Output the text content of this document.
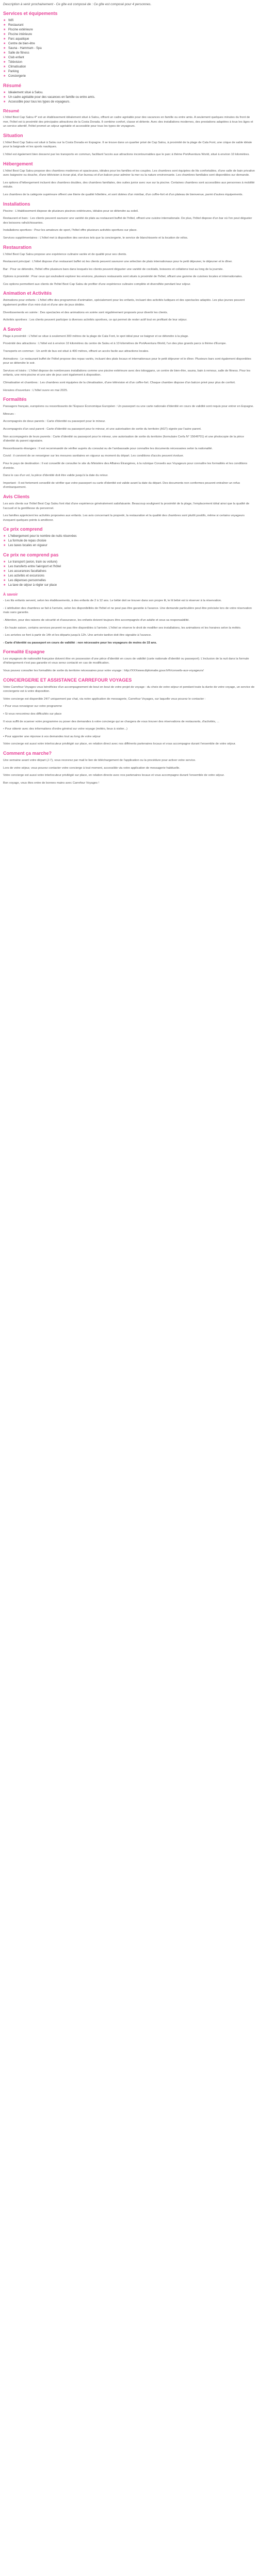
Description à venir prochainement - Ce gîte est composé de : Ce gîte est composé pour 4 personnes.

Services et équipements
★ Wifi
★ Restaurant
★ Piscine extérieure
★ Piscine intérieure
★ Parc aquatique
★ Centre de bien-être
★ Sauna - Hammam - Spa
★ Salle de fitness
★ Club enfant
★ Télévision
★ Climatisation
★ Parking
★ Conciergerie
Résumé
★ Idéalement situé à Salou.
★ Un cadre agréable pour des vacances en famille ou entre amis.
★ Accessible pour tous les types de voyageurs.
Résumé

L'hôtel Best Cap Salou 4* est un établissement idéalement situé à Salou, offrant un cadre agréable pour des vacances en famille ou entre amis. A seulement quelques minutes du front de mer, l'hôtel est à proximité des principales attractions de la Costa Dorada. Il combine confort, classe et détente. Avec des installations modernes, des prestations adaptées à tous les âges et un service attentif, l'hôtel promet un séjour agréable et accessible pour tous les types de voyageurs.

Situation

L'hôtel Best Cap Salou est situé à Salou sur la Costa Dorada en Espagne. Il se trouve dans un quartier prisé de Cap Salou, à proximité de la plage de Cala Font, une crique de sable idéale pour la baignade et les sports nautiques.

L'hôtel est également bien desservi par les transports en commun, facilitant l'accès aux attractions incontournables que le parc à thème PortAventura World, situé à environ 10 kilomètres.

Hébergement

L'hôtel Best Cap Salou propose des chambres modernes et spacieuses, idéales pour les familles et les couples. Les chambres sont équipées de lits confortables, d'une salle de bain privative avec baignoire ou douche, d'une télévision à écran plat, d'un bureau et d'un balcon pour admirer la mer ou la nature environnante. Les chambres familiales sont disponibles sur demande.

Les options d'hébergement incluent des chambres doubles, des chambres familiales, des suites junior avec vue sur la piscine. Certaines chambres sont accessibles aux personnes à mobilité réduite.

Les chambres de la catégorie supérieure offrent une literie de qualité hôtelière, et sont dotées d'un minibar, d'un coffre-fort et d'un plateau de bienvenue, parmi d'autres équipements.

Installations

Piscine : L'établissement dispose de plusieurs piscines extérieures, idéales pour se détendre au soleil.

Restaurant et bars : Les clients peuvent savourer une variété de plats au restaurant buffet de l'hôtel, offrant une cuisine internationale. De plus, l'hôtel dispose d'un bar où l'on peut déguster des boissons rafraîchissantes.

Installations sportives : Pour les amateurs de sport, l'hôtel offre plusieurs activités sportives sur place.

Services supplémentaires : L'hôtel met à disposition des services tels que la conciergerie, le service de blanchisserie et la location de vélos.

Restauration

L'hôtel Best Cap Salou propose une expérience culinaire variée et de qualité pour ses clients.

Restaurant principal : L'hôtel dispose d'un restaurant buffet où les clients peuvent savourer une sélection de plats internationaux pour le petit déjeuner, le déjeuner et le dîner.

Bar : Pour se détendre, l'hôtel offre plusieurs bars dans lesquels les clients peuvent déguster une variété de cocktails, boissons et collations tout au long de la journée.

Options à proximité : Pour ceux qui souhaitent explorer les environs, plusieurs restaurants sont situés à proximité de l'hôtel, offrant une gamme de cuisines locales et internationales.

Ces options permettent aux clients de l'hôtel Best Cap Salou de profiter d'une expérience culinaire complète et diversifiée pendant leur séjour.

Animation et Activités

Animations pour enfants : L'hôtel offre des programmes d'animation, spécialement pour les enfants, incluant des activités ludiques et des spectacles adaptés. Les plus jeunes peuvent également profiter d'un mini-club et d'une aire de jeux dédiée.

Divertissements en soirée : Des spectacles et des animations en soirée sont régulièrement proposés pour divertir les clients.

Activités sportives : Les clients peuvent participer à diverses activités sportives, ce qui permet de rester actif tout en profitant de leur séjour.

A Savoir

Plage à proximité : L'hôtel se situe à seulement 300 mètres de la plage de Cala Font, le spot idéal pour se baigner et se détendre à la plage.

Proximité des attractions : L'hôtel est à environ 10 kilomètres du centre de Salou et à 10 kilomètres de PortAventura World, l'un des plus grands parcs à thème d'Europe.

Transports en commun : Un arrêt de bus est situé à 400 mètres, offrant un accès facile aux attractions locales.

Animations : Le restaurant buffet de l'hôtel propose des repas variés, incluant des plats locaux et internationaux pour le petit déjeuner et le dîner. Plusieurs bars sont également disponibles pour se détendre le soir.

Services et loisirs : L'hôtel dispose de nombreuses installations comme une piscine extérieure avec des toboggans, un centre de bien-être, sauna, bain à remous, salle de fitness. Pour les enfants, une mini-piscine et une aire de jeux sont également à disposition.

Climatisation et chambres : Les chambres sont équipées de la climatisation, d'une télévision et d'un coffre-fort. Chaque chambre dispose d'un balcon privé pour plus de confort.

Horaires d'ouverture : L'hôtel ouvre en mai 2025.

Formalités

Passagers français, européens ou ressortissants de l'Espace Économique Européen : Un passeport ou une carte nationale d'identité en cours de validité sont requis pour entrer en Espagne.

Mineurs :

Accompagnés de deux parents : Carte d'identité ou passeport pour le mineur.

Accompagnés d'un seul parent : Carte d'identité ou passeport pour le mineur, et une autorisation de sortie du territoire (AST) signée par l'autre parent.

Non accompagnés de leurs parents : Carte d'identité ou passeport pour le mineur, une autorisation de sortie du territoire (formulaire Cerfa N° 15646*01) et une photocopie de la pièce d'identité du parent signataire.

Ressortissants étrangers : Il est recommandé de vérifier auprès du consulat ou de l'ambassade pour connaître les documents nécessaires selon la nationalité.

Covid : il convient de se renseigner sur les mesures sanitaires en vigueur au moment du départ. Les conditions d'accès peuvent évoluer.

Pour le pays de destination : Il est conseillé de consulter le site du Ministère des Affaires Étrangères, à la rubrique Conseils aux Voyageurs pour connaître les formalités et les conditions d'entrée.

Dans le cas d'un vol, la pièce d'identité doit être valide jusqu'à la date du retour.

Important : Il est fortement conseillé de vérifier que votre passeport ou carte d'identité est valide avant la date du départ. Des documents non conformes peuvent entraîner un refus d'embarquement.

Avis Clients

Les avis clients sur l'hôtel Best Cap Salou font état d'une expérience généralement satisfaisante. Beaucoup soulignent la proximité de la plage, l'emplacement idéal ainsi que la qualité de l'accueil et la gentillesse du personnel.

Les familles apprécient les activités proposées aux enfants. Les avis concernant la propreté, la restauration et la qualité des chambres sont plutôt positifs, même si certains voyageurs évoquent quelques points à améliorer.

Ce prix comprend
★ L'hébergement pour le nombre de nuits réservées
★ La formule de repas choisie
★ Les taxes locales en vigueur
Ce prix ne comprend pas
★ Le transport (avion, train ou voiture)
★ Les transferts entre l'aéroport et l'hôtel
★ Les assurances facultatives
★ Les activités et excursions
★ Les dépenses personnelles
★ La taxe de séjour à régler sur place
À savoir

- Les lits enfants servent, selon les établissements, à des enfants de 2 à 12 ans. Le bébé doit se trouver dans son propre lit, le lit bébé est à réserver à la réservation.

- L'attribution des chambres se fait à l'arrivée, selon les disponibilités de l'hôtel et ne peut pas être garantie à l'avance. Une demande particulière peut être précisée lors de votre réservation mais sans garantie.

- Attention, pour des raisons de sécurité et d'assurance, les enfants doivent toujours être accompagnés d'un adulte et sous sa responsabilité.

- En haute saison, certains services peuvent ne pas être disponibles à l'arrivée. L'hôtel se réserve le droit de modifier ses installations, les animations et les horaires selon la météo.

- Les arrivées se font à partir de 14h et les départs jusqu'à 12h. Une arrivée tardive doit être signalée à l'avance.

- Carte d'identité ou passeport en cours de validité : non nécessaire pour les voyageurs de moins de 15 ans.
Formalité Espagne

Les voyageurs de nationalité française doivent être en possession d'une pièce d'identité en cours de validité (carte nationale d'identité ou passeport). L'inclusion de la nuit dans la formule d'hébergement n'est pas garantie et vous serez contacté en cas de modification.

Vous pouvez consulter les formalités de sortie du territoire nécessaires pour votre voyage : http://XXXwww.diplomatie.gouv.fr/fr/conseils-aux-voyageurs/

CONCIERGERIE ET ASSISTANCE CARREFOUR VOYAGES

Votre Carrefour Voyages vous bénéficiez d'un accompagnement de bout en bout de votre projet de voyage : du choix de votre séjour et pendant toute la durée de votre voyage, un service de conciergerie est à votre disposition.

Votre concierge est disponible 24/7 uniquement par chat, via notre application de messagerie, Carrefour Voyages, sur laquelle vous pouvez le contacter :

• Pour vous renseigner sur votre programme

• Si vous rencontrez des difficultés sur place

Il vous suffit de scanner votre programme ou poser des demandes à votre concierge qui se chargera de vous trouver des réservations de restaurants, d'activités, ...

• Pour obtenir avec des informations d'ordre général sur votre voyage (météo, lieux à visiter...)

• Pour apporter une réponse à vos demandes tout au long de votre séjour

Votre concierge est aussi votre interlocuteur privilégié sur place, en relation direct avec nos différents partenaires locaux et vous accompagne durant l'ensemble de votre séjour.

Comment ça marche?

Une semaine avant votre départ (J-7), vous recevrez par mail le lien de téléchargement de l'application ou la procédure pour activer votre service.

Lors de votre séjour, vous pouvez contacter votre concierge à tout moment, accessible via votre application de messagerie habituelle.

Votre concierge est aussi votre interlocuteur privilégié sur place, en relation directe avec nos partenaires locaux et vous accompagne durant l'ensemble de votre séjour.

Bon voyage, vous êtes entre de bonnes mains avec Carrefour Voyages !
